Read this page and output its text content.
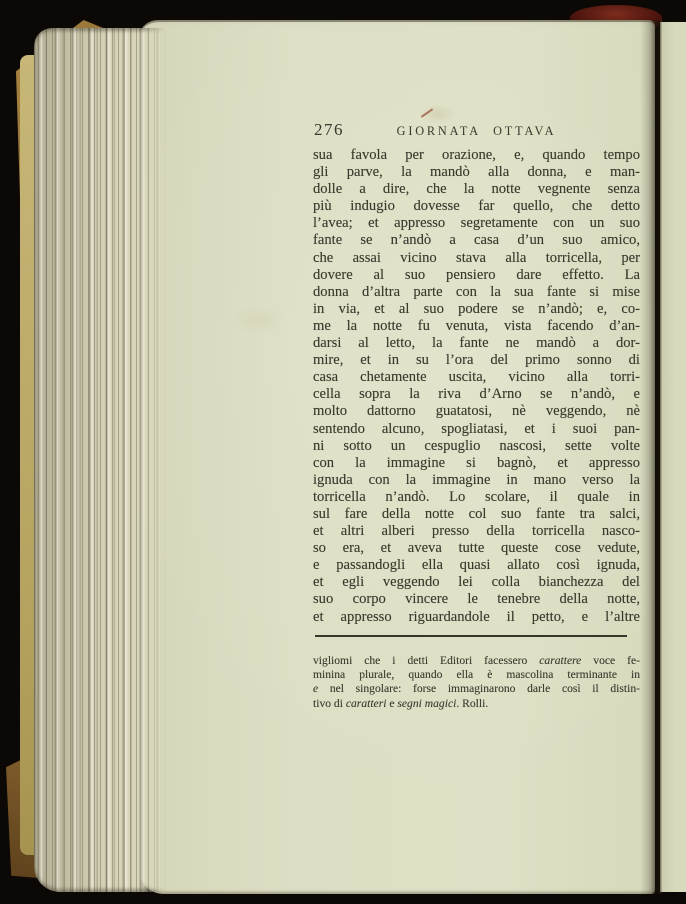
276	GIORNATA OTTAVA
sua favola per orazione, e, quando tempo
gli parve, la mandò alla donna, e man-
dolle a dire, che la notte vegnente senza
più indugio dovesse far quello, che detto
l’avea; et appresso segretamente con un suo
fante se n’andò a casa d’un suo amico,
che assai vicino stava alla torricella, per
dovere al suo pensiero dare effetto. La
donna d’altra parte con la sua fante si mise
in via, et al suo podere se n’andò; e, co-
me la notte fu venuta, vista facendo d’an-
darsi al letto, la fante ne mandò a dor-
mire, et in su l’ora del primo sonno di
casa chetamente uscita, vicino alla torri-
cella sopra la riva d’Arno se n’andò, e
molto dattorno guatatosi, nè veggendo, nè
sentendo alcuno, spogliatasi, et i suoi pan-
ni sotto un cespuglio nascosi, sette volte
con la immagine si bagnò, et appresso
ignuda con la immagine in mano verso la
torricella n’andò. Lo scolare, il quale in
sul fare della notte col suo fante tra salci,
et altri alberi presso della torricella nasco-
so era, et aveva tutte queste cose vedute,
e passandogli ella quasi allato così ignuda,
et egli veggendo lei colla bianchezza del
suo corpo vincere le tenebre della notte,
et appresso riguardandole il petto, e l’altre
vigliomi che i detti Editori facessero carattere voce fe-
minina plurale, quando ella è mascolina terminante in
e nel singolare: forse immaginarono darle così il distin-
tivo di caratteri e segni magici. Rolli.
